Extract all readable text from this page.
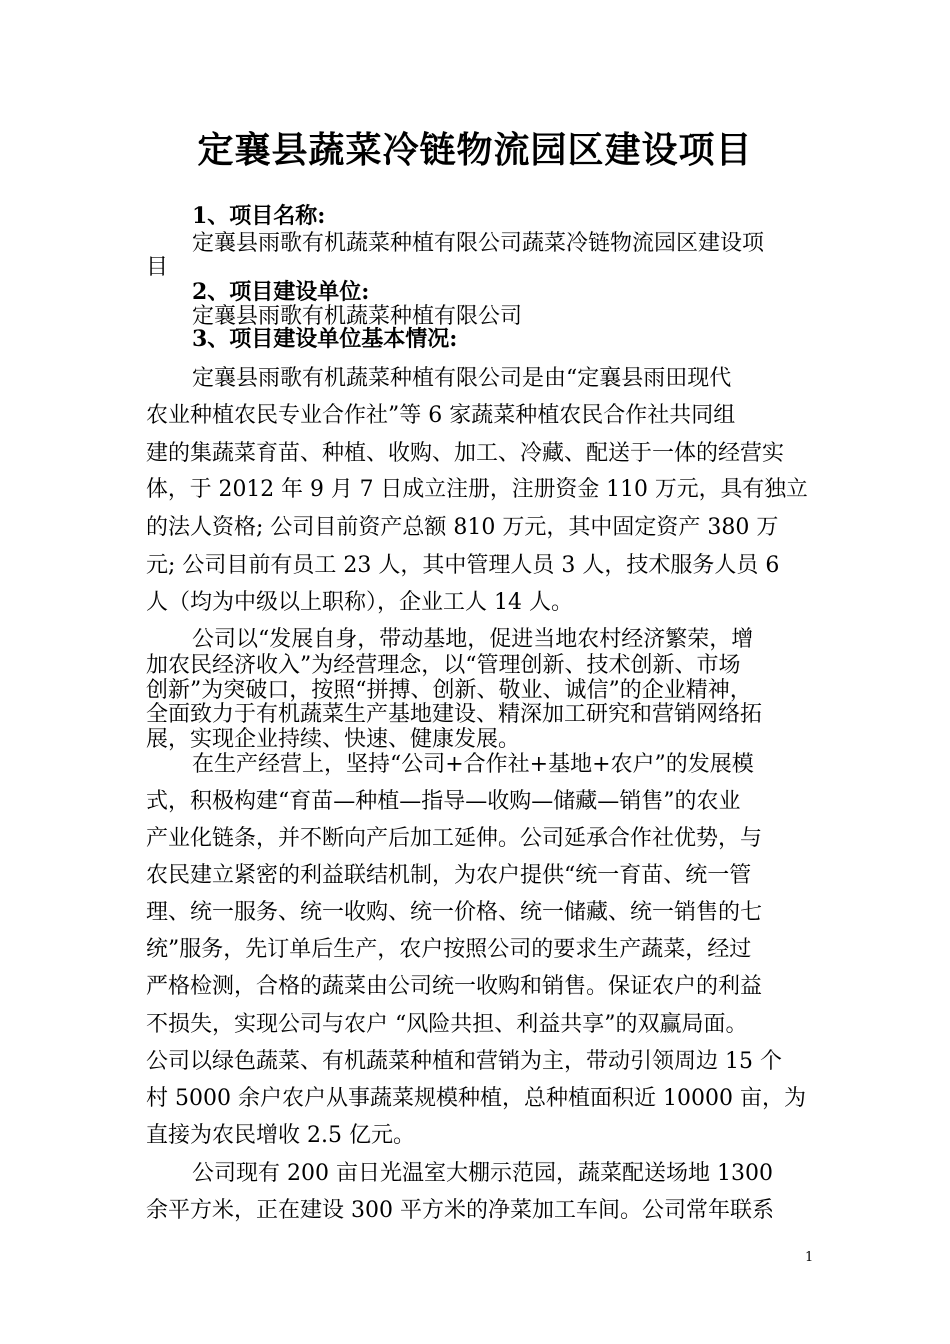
定襄县蔬菜冷链物流园区建设项目

1、项目名称:

定襄县雨歌有机蔬菜种植有限公司蔬菜冷链物流园区建设项

目

2、项目建设单位:

定襄县雨歌有机蔬菜种植有限公司

3、项目建设单位基本情况:

定襄县雨歌有机蔬菜种植有限公司是由“定襄县雨田现代

农业种植农民专业合作社”等 6 家蔬菜种植农民合作社共同组

建的集蔬菜育苗、种植、收购、加工、冷藏、配送于一体的经营实

体，于 2012 年 9 月 7 日成立注册，注册资金 110 万元，具有独立

的法人资格; 公司目前资产总额 810 万元，其中固定资产 380 万

元; 公司目前有员工 23 人，其中管理人员 3 人，技术服务人员 6

人（均为中级以上职称），企业工人 14 人。

公司以“发展自身，带动基地，促进当地农村经济繁荣，增

加农民经济收入”为经营理念，以“管理创新、技术创新、市场

创新”为突破口，按照“拼搏、创新、敬业、诚信”的企业精神，

全面致力于有机蔬菜生产基地建设、精深加工研究和营销网络拓

展，实现企业持续、快速、健康发展。

在生产经营上，坚持“公司+合作社+基地+农户”的发展模

式，积极构建“育苗—种植—指导—收购—储藏—销售”的农业

产业化链条，并不断向产后加工延伸。公司延承合作社优势，与

农民建立紧密的利益联结机制，为农户提供“统一育苗、统一管

理、统一服务、统一收购、统一价格、统一储藏、统一销售的七

统”服务，先订单后生产，农户按照公司的要求生产蔬菜，经过

严格检测，合格的蔬菜由公司统一收购和销售。保证农户的利益

不损失，实现公司与农户 “风险共担、利益共享”的双赢局面。

公司以绿色蔬菜、有机蔬菜种植和营销为主，带动引领周边 15 个

村 5000 余户农户从事蔬菜规模种植，总种植面积近 10000 亩，为

直接为农民增收 2.5 亿元。

公司现有 200 亩日光温室大棚示范园，蔬菜配送场地 1300

余平方米，正在建设 300 平方米的净菜加工车间。公司常年联系

1
